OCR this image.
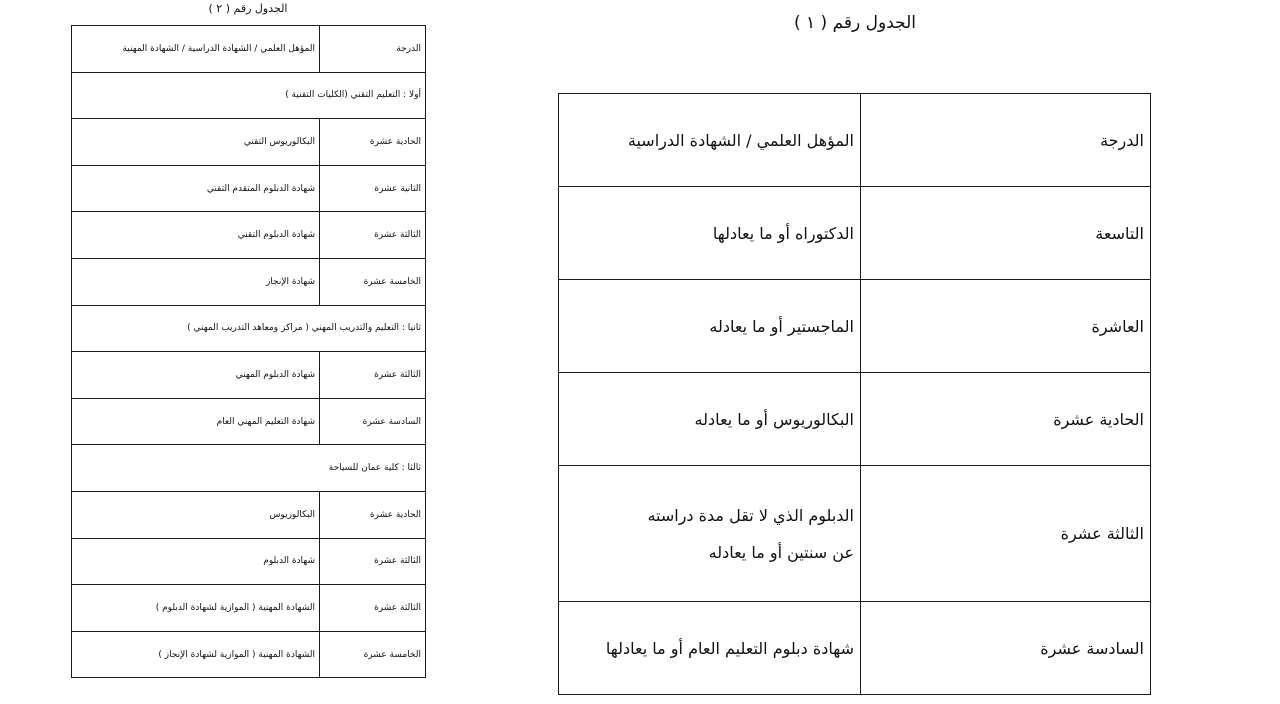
الجدول رقم ( ٢ )
الدرجة	المؤهل العلمي / الشهادة الدراسية / الشهادة المهنية
أولا : التعليم التقني (الكليات التقنية )	
الحادية عشرة	البكالوريوس التقني
الثانية عشرة	شهادة الدبلوم المتقدم التقني
الثالثة عشرة	شهادة الدبلوم التقني
الخامسة عشرة	شهادة الإنجاز
ثانيا : التعليم والتدريب المهني ( مراكز ومعاهد التدريب المهني )	
الثالثة عشرة	شهادة الدبلوم المهني
السادسة عشرة	شهادة التعليم المهني العام
ثالثا : كلية عمان للسياحة	
الحادية عشرة	البكالوريوس
الثالثة عشرة	شهادة الدبلوم
الثالثة عشرة	الشهادة المهنية ( الموازية لشهادة الدبلوم )
الخامسة عشرة	الشهادة المهنية ( الموازية لشهادة الإنجاز )
الجدول رقم ( ١ )
الدرجة	المؤهل العلمي / الشهادة الدراسية
التاسعة	الدكتوراه أو ما يعادلها

العاشرة	الماجستير أو ما يعادله

الحادية عشرة	البكالوريوس أو ما يعادله

الثالثة عشرة	الدبلوم الذي لا تقل مدة دراسته
عن سنتين أو ما يعادله

السادسة عشرة	شهادة دبلوم التعليم العام أو ما يعادلها
